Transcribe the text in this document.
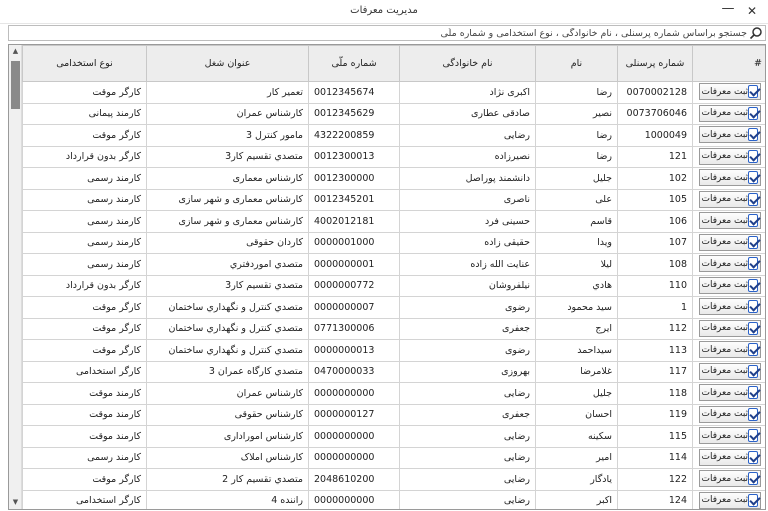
مدیریت معرفات	—	✕
جستجو براساس شماره پرسنلی ، نام خانوادگی ، نوع استخدامی و شماره ملّی
▲
▼
#	شماره پرسنلی	نام	نام خانوادگی	شماره ملّی	عنوان شغل	نوع استخدامی

ثبت معرفات	0070002128	رضا	اکبری نژاد	0012345674	تعمیر کار	کارگر موقت

ثبت معرفات	0073706046	نصیر	صادقی عطاری	0012345629	کارشناس عمران	کارمند پیمانی

ثبت معرفات	1000049	رضا	رضایی	4322200859	مامور کنترل 3	کارگر موقت

ثبت معرفات	121	رضا	نصیرزاده	0012300013	متصدي تقسيم كار3	کارگر بدون قرارداد

ثبت معرفات	102	جلیل	دانشمند پوراصل	0012300000	کارشناس معماری	کارمند رسمی

ثبت معرفات	105	علی	ناصری	0012345201	کارشناس معماری و شهر سازی	کارمند رسمی

ثبت معرفات	106	قاسم	حسینی فرد	4002012181	کارشناس معماری و شهر سازی	کارمند رسمی

ثبت معرفات	107	ویدا	حقیقی زاده	0000001000	کاردان حقوقی	کارمند رسمی

ثبت معرفات	108	لیلا	عنایت الله زاده	0000000001	متصدي اموردفتري	کارمند رسمی

ثبت معرفات	110	هادي	نیلفروشان	0000000772	متصدي تقسيم كار3	کارگر بدون قرارداد

ثبت معرفات	1	سيد محمود	رضوی	0000000007	متصدي كنترل و نگهداري ساختمان	کارگر موقت

ثبت معرفات	112	ایرج	جعفری	0771300006	متصدي كنترل و نگهداري ساختمان	کارگر موقت

ثبت معرفات	113	سيداحمد	رضوی	0000000013	متصدي كنترل و نگهداري ساختمان	کارگر موقت

ثبت معرفات	117	غلامرضا	بهروزی	0470000033	متصدي كارگاه عمران 3	کارگر استخدامی

ثبت معرفات	118	جلیل	رضایی	0000000000	کارشناس عمران	کارمند موقت

ثبت معرفات	119	احسان	جعفری	0000000127	کارشناس حقوقی	کارمند موقت

ثبت معرفات	115	سکینه	رضایی	0000000000	کارشناس اموراداری	کارمند موقت

ثبت معرفات	114	امیر	رضایی	0000000000	کارشناس املاک	کارمند رسمی

ثبت معرفات	122	يادگار	رضایی	2048610200	متصدي تقسيم كار 2	کارگر موقت

ثبت معرفات	124	اکبر	رضایی	0000000000	راننده 4	کارگر استخدامی
